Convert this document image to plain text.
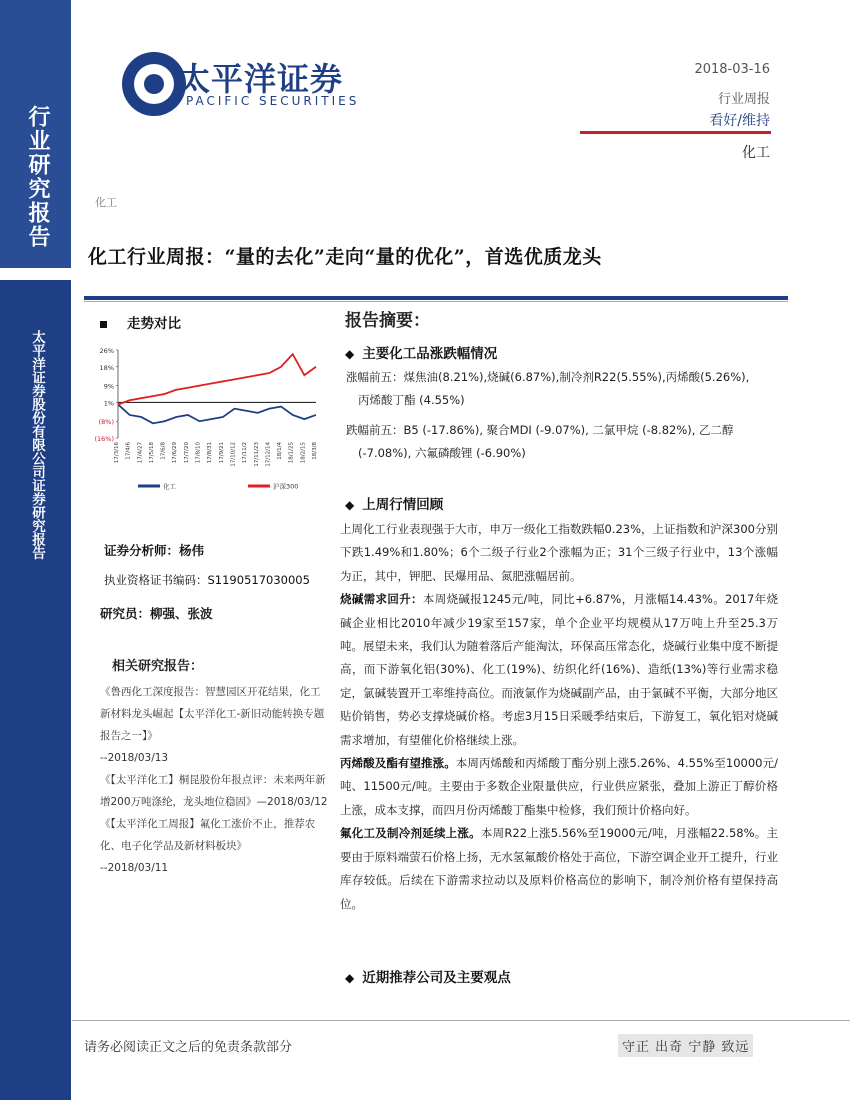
行业研究报告
太平洋证券股份有限公司证券研究报告
太平洋证券
PACIFIC SECURITIES
2018-03-16
行业周报
看好/维持
化工
化工
化工行业周报：“量的去化”走向“量的优化”，首选优质龙头
走势对比
26%
18%
9%
1%
(8%)
(16%)
17/3/16 17/4/6 17/4/27 17/5/18 17/6/8 17/6/29 17/7/20 17/8/10 17/8/31 17/9/21 17/10/12 17/11/2 17/11/23 17/12/14 18/1/4 18/1/25 18/2/15 18/3/8
化工	沪深300
证券分析师：杨伟
执业资格证书编码：S1190517030005
研究员：柳强、张波
相关研究报告：

《鲁西化工深度报告：智慧园区开花结果，化工新材料龙头崛起【太平洋化工-新旧动能转换专题报告之一】》

--2018/03/13

《【太平洋化工】桐昆股份年报点评：未来两年新增200万吨涤纶，龙头地位稳固》—2018/03/12

《【太平洋化工周报】氟化工涨价不止，推荐农化、电子化学品及新材料板块》

--2018/03/11

报告摘要：
◆ 主要化工品涨跌幅情况
涨幅前五：煤焦油(8.21%),烧碱(6.87%),制冷剂R22(5.55%),丙烯酸(5.26%),
丙烯酸丁酯 (4.55%)
跌幅前五：B5 (-17.86%), 聚合MDI (-9.07%), 二氯甲烷 (-8.82%), 乙二醇
(-7.08%), 六氟磷酸锂 (-6.90%)
◆ 上周行情回顾
上周化工行业表现强于大市，申万一级化工指数跌幅0.23%，上证指数和沪深300分别下跌1.49%和1.80%；6个二级子行业2个涨幅为正；31个三级子行业中，13个涨幅为正，其中，钾肥、民爆用品、氮肥涨幅居前。
烧碱需求回升：本周烧碱报1245元/吨，同比+6.87%，月涨幅14.43%。2017年烧碱企业相比2010年减少19家至157家，单个企业平均规模从17万吨上升至25.3万吨。展望未来，我们认为随着落后产能淘汰，环保高压常态化，烧碱行业集中度不断提高，而下游氧化铝(30%)、化工(19%)、纺织化纤(16%)、造纸(13%)等行业需求稳定，氯碱装置开工率维持高位。而液氯作为烧碱副产品，由于氯碱不平衡，大部分地区贴价销售，势必支撑烧碱价格。考虑3月15日采暖季结束后，下游复工，氧化铝对烧碱需求增加，有望催化价格继续上涨。
丙烯酸及酯有望推涨。本周丙烯酸和丙烯酸丁酯分别上涨5.26%、4.55%至10000元/吨、11500元/吨。主要由于多数企业限量供应，行业供应紧张，叠加上游正丁醇价格上涨，成本支撑，而四月份丙烯酸丁酯集中检修，我们预计价格向好。
氟化工及制冷剂延续上涨。本周R22上涨5.56%至19000元/吨，月涨幅22.58%。主要由于原料端萤石价格上扬，无水氢氟酸价格处于高位，下游空调企业开工提升，行业库存较低。后续在下游需求拉动以及原料价格高位的影响下，制冷剂价格有望保持高位。
◆ 近期推荐公司及主要观点
请务必阅读正文之后的免责条款部分	守正 出奇 宁静 致远
